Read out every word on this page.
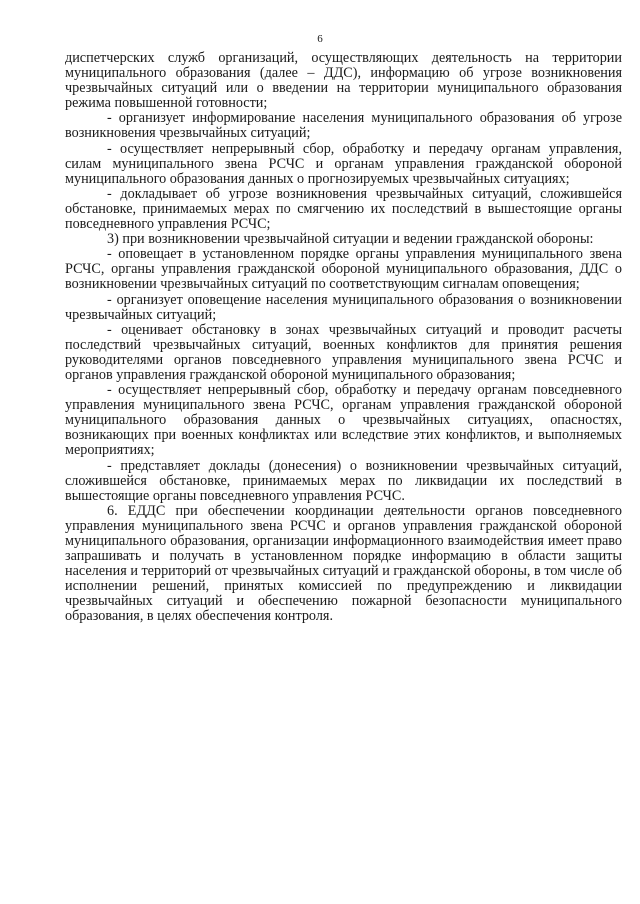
6

диспетчерских служб организаций, осуществляющих деятельность на территории муниципального образования (далее – ДДС), информацию об угрозе возникновения чрезвычайных ситуаций или о введении на территории муниципального образования режима повышенной готовности;

- организует информирование населения муниципального образования об угрозе возникновения чрезвычайных ситуаций;

- осуществляет непрерывный сбор, обработку и передачу органам управления, силам муниципального звена РСЧС и органам управления гражданской обороной муниципального образования данных о прогнозируемых чрезвычайных ситуациях;

- докладывает об угрозе возникновения чрезвычайных ситуаций, сложившейся обстановке, принимаемых мерах по смягчению их последствий в вышестоящие органы повседневного управления РСЧС;

3) при возникновении чрезвычайной ситуации и ведении гражданской обороны:

- оповещает в установленном порядке органы управления муниципального звена РСЧС, органы управления гражданской обороной муниципального образования, ДДС о возникновении чрезвычайных ситуаций по соответствующим сигналам оповещения;

- организует оповещение населения муниципального образования о возникновении чрезвычайных ситуаций;

- оценивает обстановку в зонах чрезвычайных ситуаций и проводит расчеты последствий чрезвычайных ситуаций, военных конфликтов для принятия решения руководителями органов повседневного управления муниципального звена РСЧС и органов управления гражданской обороной муниципального образования;

- осуществляет непрерывный сбор, обработку и передачу органам повседневного управления муниципального звена РСЧС, органам управления гражданской обороной муниципального образования данных о чрезвычайных ситуациях, опасностях, возникающих при военных конфликтах или вследствие этих конфликтов, и выполняемых мероприятиях;

- представляет доклады (донесения) о возникновении чрезвычайных ситуаций, сложившейся обстановке, принимаемых мерах по ликвидации их последствий в вышестоящие органы повседневного управления РСЧС.

6. ЕДДС при обеспечении координации деятельности органов повседневного управления муниципального звена РСЧС и органов управления гражданской обороной муниципального образования, организации информационного взаимодействия имеет право запрашивать и получать в установленном порядке информацию в области защиты населения и территорий от чрезвычайных ситуаций и гражданской обороны, в том числе об исполнении решений, принятых комиссией по предупреждению и ликвидации чрезвычайных ситуаций и обеспечению пожарной безопасности муниципального образования, в целях обеспечения контроля.
